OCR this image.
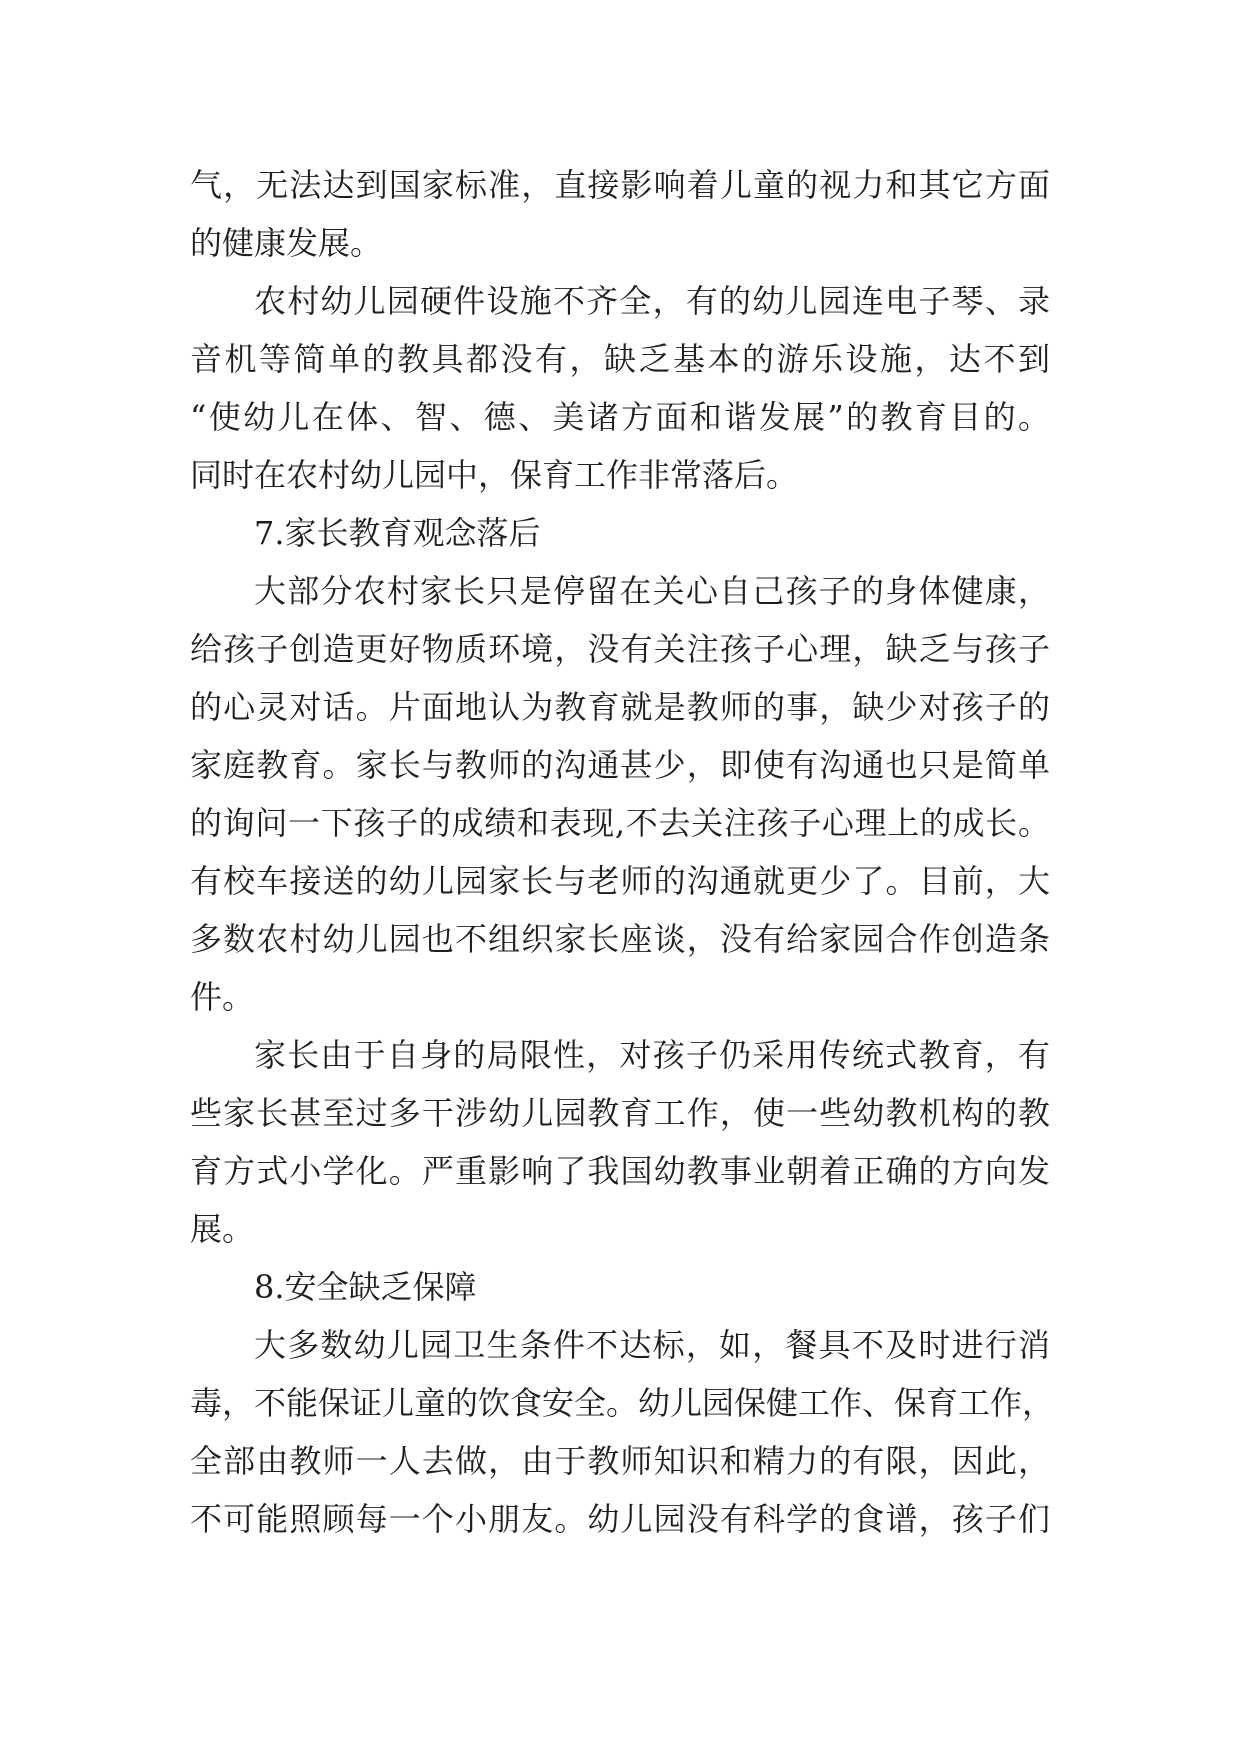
气，无法达到国家标准，直接影响着儿童的视力和其它方面
的健康发展。
农村幼儿园硬件设施不齐全，有的幼儿园连电子琴、录
音机等简单的教具都没有，缺乏基本的游乐设施，达不到
“使幼儿在体、智、德、美诸方面和谐发展”的教育目的。
同时在农村幼儿园中，保育工作非常落后。
7.家长教育观念落后
大部分农村家长只是停留在关心自己孩子的身体健康，
给孩子创造更好物质环境，没有关注孩子心理，缺乏与孩子
的心灵对话。片面地认为教育就是教师的事，缺少对孩子的
家庭教育。家长与教师的沟通甚少，即使有沟通也只是简单
的询问一下孩子的成绩和表现,不去关注孩子心理上的成长。
有校车接送的幼儿园家长与老师的沟通就更少了。目前，大
多数农村幼儿园也不组织家长座谈，没有给家园合作创造条
件。
家长由于自身的局限性，对孩子仍采用传统式教育，有
些家长甚至过多干涉幼儿园教育工作，使一些幼教机构的教
育方式小学化。严重影响了我国幼教事业朝着正确的方向发
展。
8.安全缺乏保障
大多数幼儿园卫生条件不达标，如，餐具不及时进行消
毒，不能保证儿童的饮食安全。幼儿园保健工作、保育工作，
全部由教师一人去做，由于教师知识和精力的有限，因此，
不可能照顾每一个小朋友。幼儿园没有科学的食谱，孩子们
